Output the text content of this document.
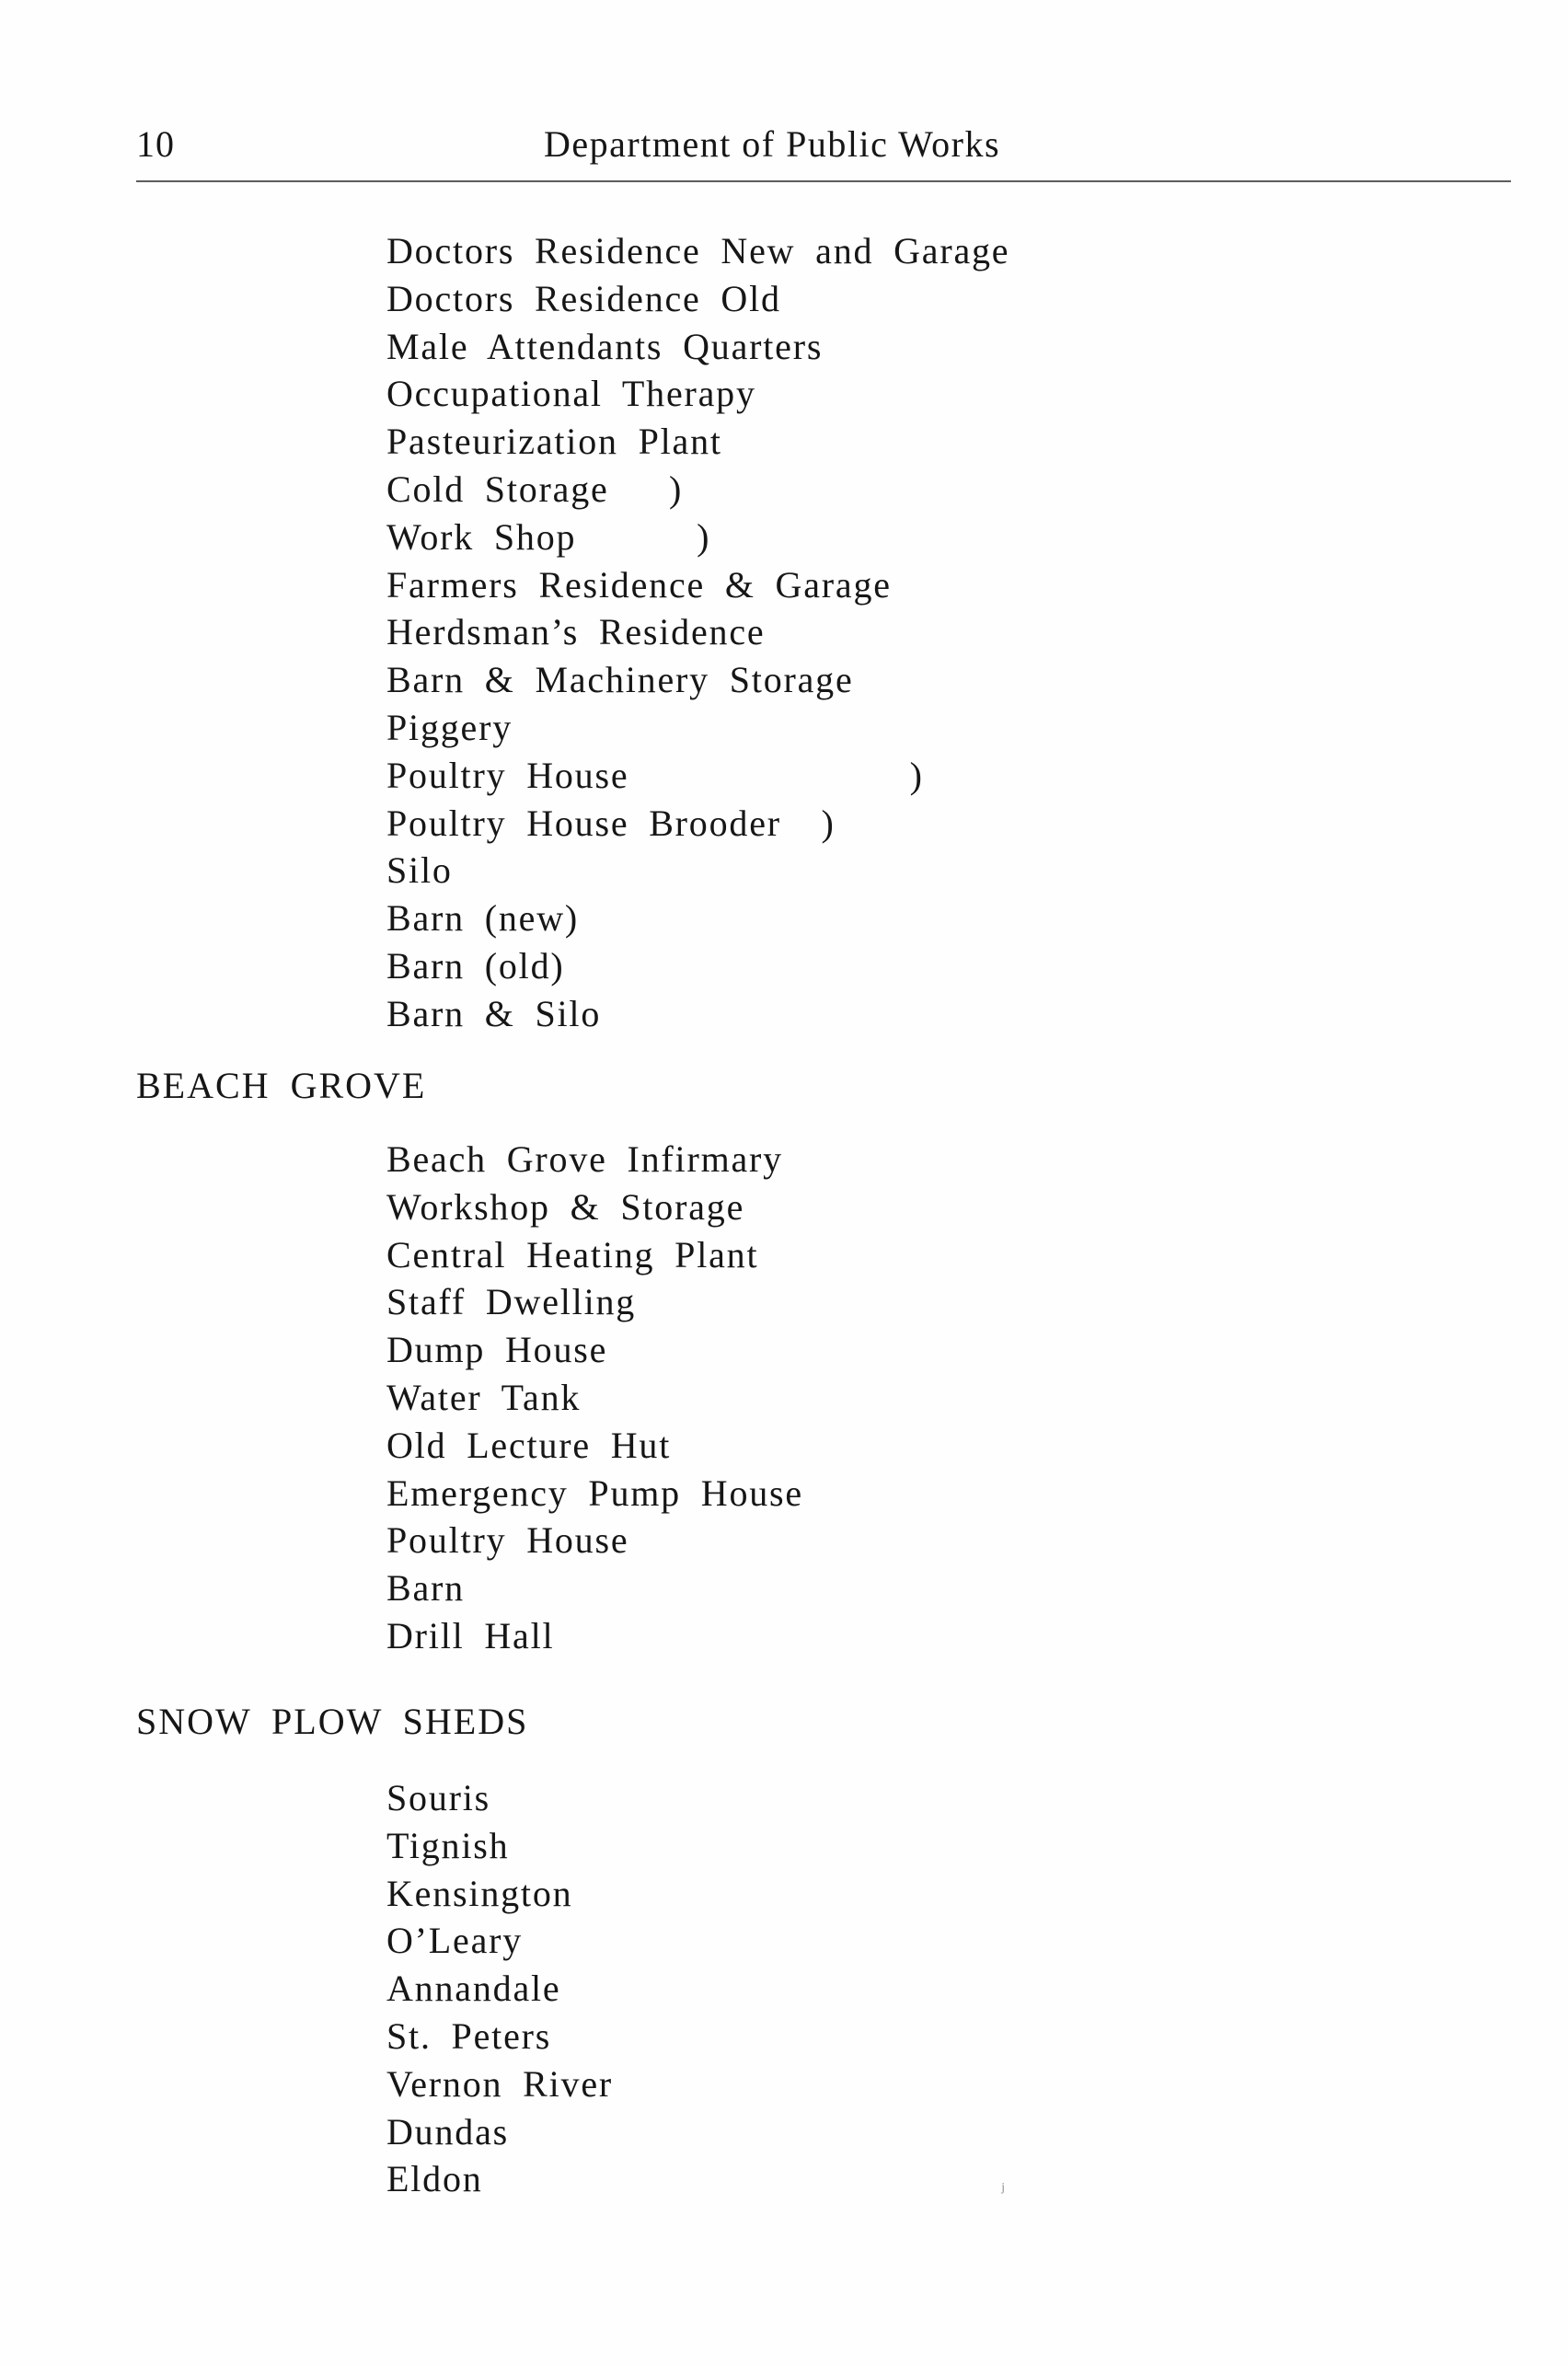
10	Department of Public Works
Doctors Residence New and Garage
Doctors Residence Old
Male Attendants Quarters
Occupational Therapy
Pasteurization Plant
Cold Storage   )
Work Shop      )
Farmers Residence & Garage
Herdsman’s Residence
Barn & Machinery Storage
Piggery
Poultry House              )
Poultry House Brooder  )
Silo
Barn (new)
Barn (old)
Barn & Silo
BEACH GROVE
Beach Grove Infirmary
Workshop & Storage
Central Heating Plant
Staff Dwelling
Dump House
Water Tank
Old Lecture Hut
Emergency Pump House
Poultry House
Barn
Drill Hall
SNOW PLOW SHEDS
Souris
Tignish
Kensington
O’Leary
Annandale
St. Peters
Vernon River
Dundas
Eldon	ʲ
